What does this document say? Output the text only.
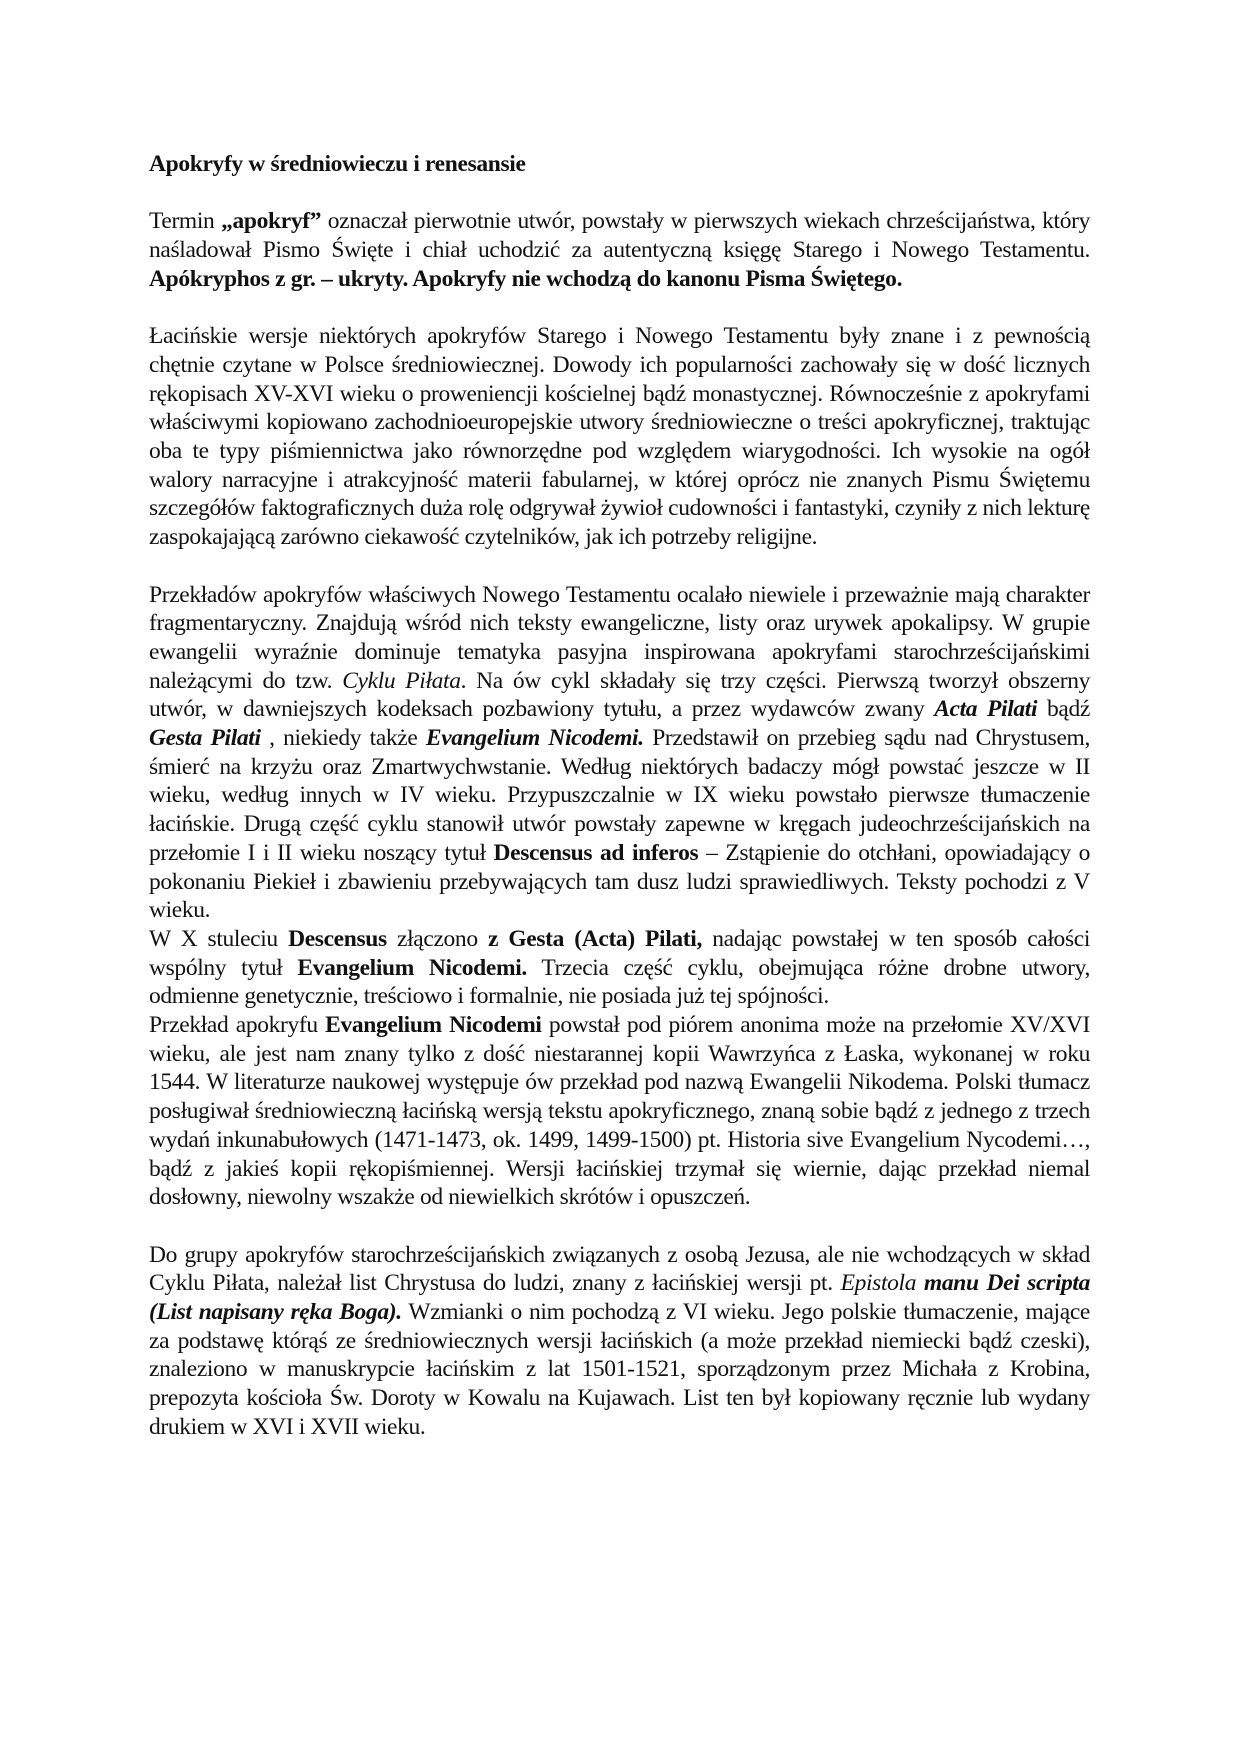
Apokryfy w średniowieczu i renesansie

Termin „apokryf” oznaczał pierwotnie utwór, powstały w pierwszych wiekach chrześcijaństwa, który naśladował Pismo Święte i chiał uchodzić za autentyczną księgę Starego i Nowego Testamentu. Apókryphos z gr. – ukryty. Apokryfy nie wchodzą do kanonu Pisma Świętego.

Łacińskie wersje niektórych apokryfów Starego i Nowego Testamentu były znane i z pewnością chętnie czytane w Polsce średniowiecznej. Dowody ich popularności zachowały się w dość licznych rękopisach XV-XVI wieku o proweniencji kościelnej bądź monastycznej. Równocześnie z apokryfami właściwymi kopiowano zachodnioeuropejskie utwory średniowieczne o treści apokryficznej, traktując oba te typy piśmiennictwa jako równorzędne pod względem wiarygodności. Ich wysokie na ogół walory narracyjne i atrakcyjność materii fabularnej, w której oprócz nie znanych Pismu Świętemu szczegółów faktograficznych duża rolę odgrywał żywioł cudowności i fantastyki, czyniły z nich lekturę zaspokajającą zarówno ciekawość czytelników, jak ich potrzeby religijne.

Przekładów apokryfów właściwych Nowego Testamentu ocalało niewiele i przeważnie mają charakter fragmentaryczny. Znajdują wśród nich teksty ewangeliczne, listy oraz urywek apokalipsy. W grupie ewangelii wyraźnie dominuje tematyka pasyjna inspirowana apokryfami starochrześcijańskimi należącymi do tzw. Cyklu Piłata. Na ów cykl składały się trzy części. Pierwszą tworzył obszerny utwór, w dawniejszych kodeksach pozbawiony tytułu, a przez wydawców zwany Acta Pilati bądź Gesta Pilati , niekiedy także Evangelium Nicodemi. Przedstawił on przebieg sądu nad Chrystusem, śmierć na krzyżu oraz Zmartwychwstanie. Według niektórych badaczy mógł powstać jeszcze w II wieku, według innych w IV wieku. Przypuszczalnie w IX wieku powstało pierwsze tłumaczenie łacińskie. Drugą część cyklu stanowił utwór powstały zapewne w kręgach judeochrześcijańskich na przełomie I i II wieku noszący tytuł Descensus ad inferos – Zstąpienie do otchłani, opowiadający o pokonaniu Piekieł i zbawieniu przebywających tam dusz ludzi sprawiedliwych. Teksty pochodzi z V wieku.

W X stuleciu Descensus złączono z Gesta (Acta) Pilati, nadając powstałej w ten sposób całości wspólny tytuł Evangelium Nicodemi. Trzecia część cyklu, obejmująca różne drobne utwory, odmienne genetycznie, treściowo i formalnie, nie posiada już tej spójności.

Przekład apokryfu Evangelium Nicodemi powstał pod piórem anonima może na przełomie XV/XVI wieku, ale jest nam znany tylko z dość niestarannej kopii Wawrzyńca z Łaska, wykonanej w roku 1544. W literaturze naukowej występuje ów przekład pod nazwą Ewangelii Nikodema. Polski tłumacz posługiwał średniowieczną łacińską wersją tekstu apokryficznego, znaną sobie bądź z jednego z trzech wydań inkunabułowych (1471-1473, ok. 1499, 1499-1500) pt. Historia sive Evangelium Nycodemi…, bądź z jakieś kopii rękopiśmiennej. Wersji łacińskiej trzymał się wiernie, dając przekład niemal dosłowny, niewolny wszakże od niewielkich skrótów i opuszczeń.

Do grupy apokryfów starochrześcijańskich związanych z osobą Jezusa, ale nie wchodzących w skład Cyklu Piłata, należał list Chrystusa do ludzi, znany z łacińskiej wersji pt. Epistola manu Dei scripta (List napisany ręka Boga). Wzmianki o nim pochodzą z VI wieku. Jego polskie tłumaczenie, mające za podstawę którąś ze średniowiecznych wersji łacińskich (a może przekład niemiecki bądź czeski), znaleziono w manuskrypcie łacińskim z lat 1501-1521, sporządzonym przez Michała z Krobina, prepozyta kościoła Św. Doroty w Kowalu na Kujawach. List ten był kopiowany ręcznie lub wydany drukiem w XVI i XVII wieku.
